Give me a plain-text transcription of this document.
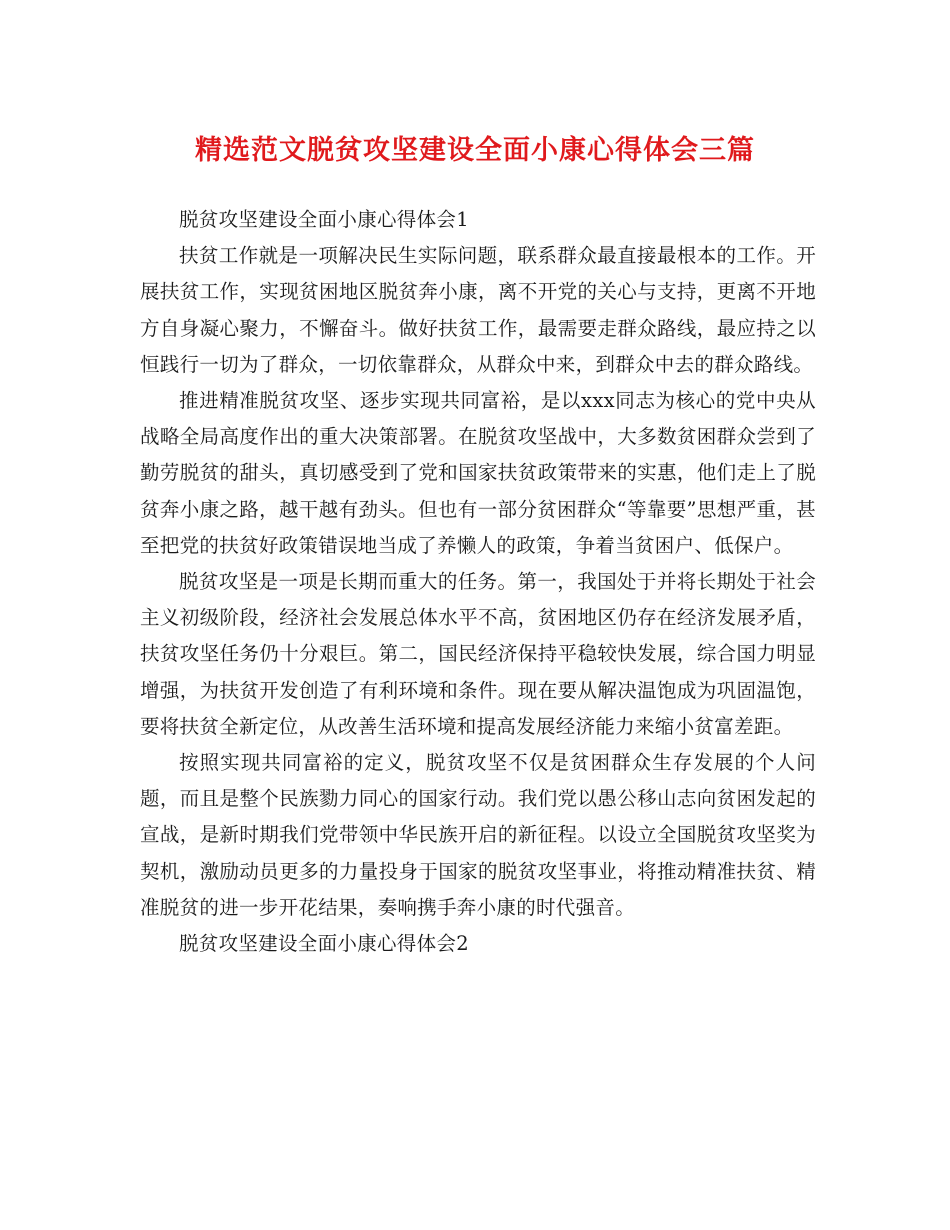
精选范文脱贫攻坚建设全面小康心得体会三篇

脱贫攻坚建设全面小康心得体会1

扶贫工作就是一项解决民生实际问题，联系群众最直接最根本的工作。开展扶贫工作，实现贫困地区脱贫奔小康，离不开党的关心与支持，更离不开地方自身凝心聚力，不懈奋斗。做好扶贫工作，最需要走群众路线，最应持之以恒践行一切为了群众，一切依靠群众，从群众中来，到群众中去的群众路线。

推进精准脱贫攻坚、逐步实现共同富裕，是以xxx同志为核心的党中央从战略全局高度作出的重大决策部署。在脱贫攻坚战中，大多数贫困群众尝到了勤劳脱贫的甜头，真切感受到了党和国家扶贫政策带来的实惠，他们走上了脱贫奔小康之路，越干越有劲头。但也有一部分贫困群众“等靠要”思想严重，甚至把党的扶贫好政策错误地当成了养懒人的政策，争着当贫困户、低保户。

脱贫攻坚是一项是长期而重大的任务。第一，我国处于并将长期处于社会主义初级阶段，经济社会发展总体水平不高，贫困地区仍存在经济发展矛盾，扶贫攻坚任务仍十分艰巨。第二，国民经济保持平稳较快发展，综合国力明显增强，为扶贫开发创造了有利环境和条件。现在要从解决温饱成为巩固温饱，要将扶贫全新定位，从改善生活环境和提高发展经济能力来缩小贫富差距。

按照实现共同富裕的定义，脱贫攻坚不仅是贫困群众生存发展的个人问题，而且是整个民族勠力同心的国家行动。我们党以愚公移山志向贫困发起的宣战，是新时期我们党带领中华民族开启的新征程。以设立全国脱贫攻坚奖为契机，激励动员更多的力量投身于国家的脱贫攻坚事业，将推动精准扶贫、精准脱贫的进一步开花结果，奏响携手奔小康的时代强音。

脱贫攻坚建设全面小康心得体会2
